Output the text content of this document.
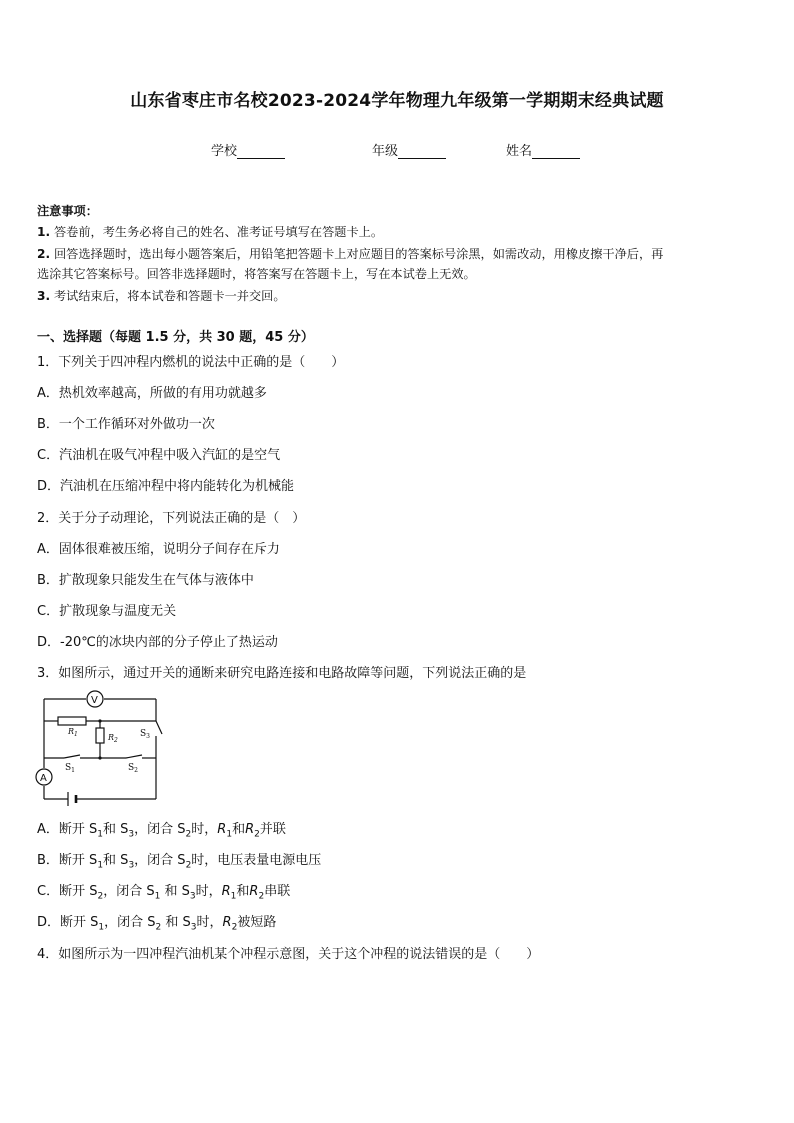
山东省枣庄市名校2023-2024学年物理九年级第一学期期末经典试题
学校	年级	姓名
注意事项：
1. 答卷前，考生务必将自己的姓名、准考证号填写在答题卡上。
2. 回答选择题时，选出每小题答案后，用铅笔把答题卡上对应题目的答案标号涂黑，如需改动，用橡皮擦干净后，再
选涂其它答案标号。回答非选择题时，将答案写在答题卡上，写在本试卷上无效。
3. 考试结束后，将本试卷和答题卡一并交回。
一、选择题（每题 1.5 分，共 30 题，45 分）
1．下列关于四冲程内燃机的说法中正确的是（　　）
A．热机效率越高，所做的有用功就越多
B．一个工作循环对外做功一次
C．汽油机在吸气冲程中吸入汽缸的是空气
D．汽油机在压缩冲程中将内能转化为机械能
2．关于分子动理论，下列说法正确的是（　）
A．固体很难被压缩，说明分子间存在斥力
B．扩散现象只能发生在气体与液体中
C．扩散现象与温度无关
D．-20℃的冰块内部的分子停止了热运动
3．如图所示，通过开关的通断来研究电路连接和电路故障等问题，下列说法正确的是
V
A
$R_1$	$R_2$
$S_3$
$S_1$	$S_2$
A．断开 $S_1$和 $S_3$，闭合 $S_2$时，$R_1$和$R_2$并联
B．断开 $S_1$和 $S_3$，闭合 $S_2$时，电压表量电源电压
C．断开 $S_2$，闭合 $S_1$ 和 $S_3$时，$R_1$和$R_2$串联
D．断开 $S_1$，闭合 $S_2$ 和 $S_3$时，$R_2$被短路
4．如图所示为一四冲程汽油机某个冲程示意图，关于这个冲程的说法错误的是（　　）
